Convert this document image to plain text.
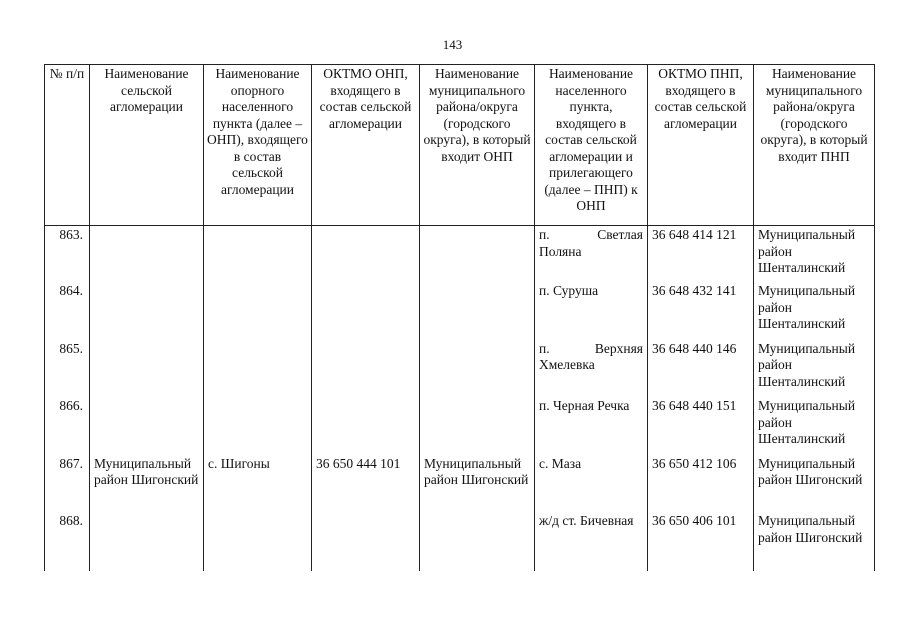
143
№ п/п	Наименование сельской агломерации	Наименование опорного населенного пункта (далее – ОНП), входящего в состав сельской агломерации	ОКТМО ОНП, входящего в состав сельской агломерации	Наименование муниципального района/округа (городского округа), в который входит ОНП	Наименование населенного пункта, входящего в состав сельской агломерации и прилегающего (далее – ПНП) к ОНП	ОКТМО ПНП, входящего в состав сельской агломерации	Наименование муниципального района/округа (городского округа), в который входит ПНП
863.					п. Светлая Поляна	36 648 414 121	Муниципальный район Шенталинский
864.					п. Суруша	36 648 432 141	Муниципальный район Шенталинский
865.					п. Верхняя Хмелевка	36 648 440 146	Муниципальный район Шенталинский
866.					п. Черная Речка	36 648 440 151	Муниципальный район Шенталинский
867.	Муниципальный район Шигонский	с. Шигоны	36 650 444 101	Муниципальный район Шигонский	с. Маза	36 650 412 106	Муниципальный район Шигонский
868.					ж/д ст. Бичевная	36 650 406 101	Муниципальный район Шигонский
